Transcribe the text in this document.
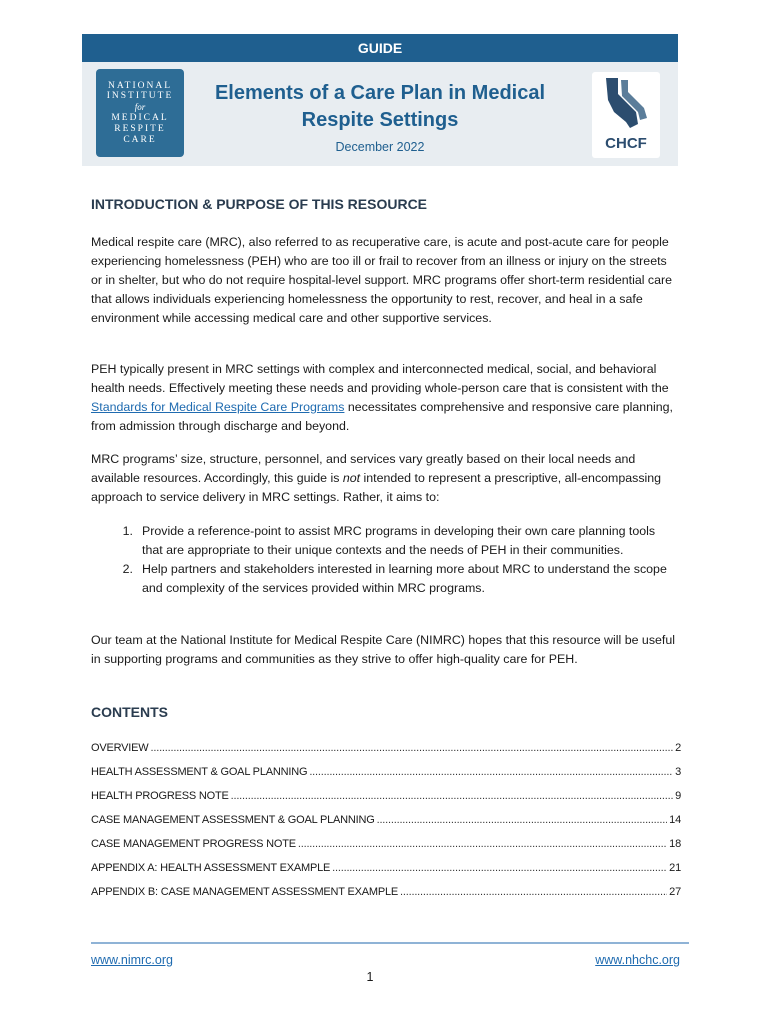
GUIDE
NATIONAL
INSTITUTE
for
MEDICAL
RESPITE
CARE
Elements of a Care Plan in Medical
Respite Settings
December 2022	CHCF
INTRODUCTION & PURPOSE OF THIS RESOURCE

Medical respite care (MRC), also referred to as recuperative care, is acute and post-acute care for people experiencing homelessness (PEH) who are too ill or frail to recover from an illness or injury on the streets or in shelter, but who do not require hospital-level support. MRC programs offer short-term residential care that allows individuals experiencing homelessness the opportunity to rest, recover, and heal in a safe environment while accessing medical care and other supportive services.

PEH typically present in MRC settings with complex and interconnected medical, social, and behavioral health needs. Effectively meeting these needs and providing whole-person care that is consistent with the Standards for Medical Respite Care Programs necessitates comprehensive and responsive care planning, from admission through discharge and beyond.

MRC programs’ size, structure, personnel, and services vary greatly based on their local needs and available resources. Accordingly, this guide is not intended to represent a prescriptive, all-encompassing approach to service delivery in MRC settings. Rather, it aims to:

1. Provide a reference-point to assist MRC programs in developing their own care planning tools that are appropriate to their unique contexts and the needs of PEH in their communities.
2. Help partners and stakeholders interested in learning more about MRC to understand the scope and complexity of the services provided within MRC programs.

Our team at the National Institute for Medical Respite Care (NIMRC) hopes that this resource will be useful in supporting programs and communities as they strive to offer high-quality care for PEH.

CONTENTS
OVERVIEW .....	2
HEALTH ASSESSMENT & GOAL PLANNING .....	3
HEALTH PROGRESS NOTE .....	9
CASE MANAGEMENT ASSESSMENT & GOAL PLANNING .....	14
CASE MANAGEMENT PROGRESS NOTE .....	18
APPENDIX A: HEALTH ASSESSMENT EXAMPLE .....	21
APPENDIX B: CASE MANAGEMENT ASSESSMENT EXAMPLE .....	27
www.nimrc.org	www.nhchc.org
1
